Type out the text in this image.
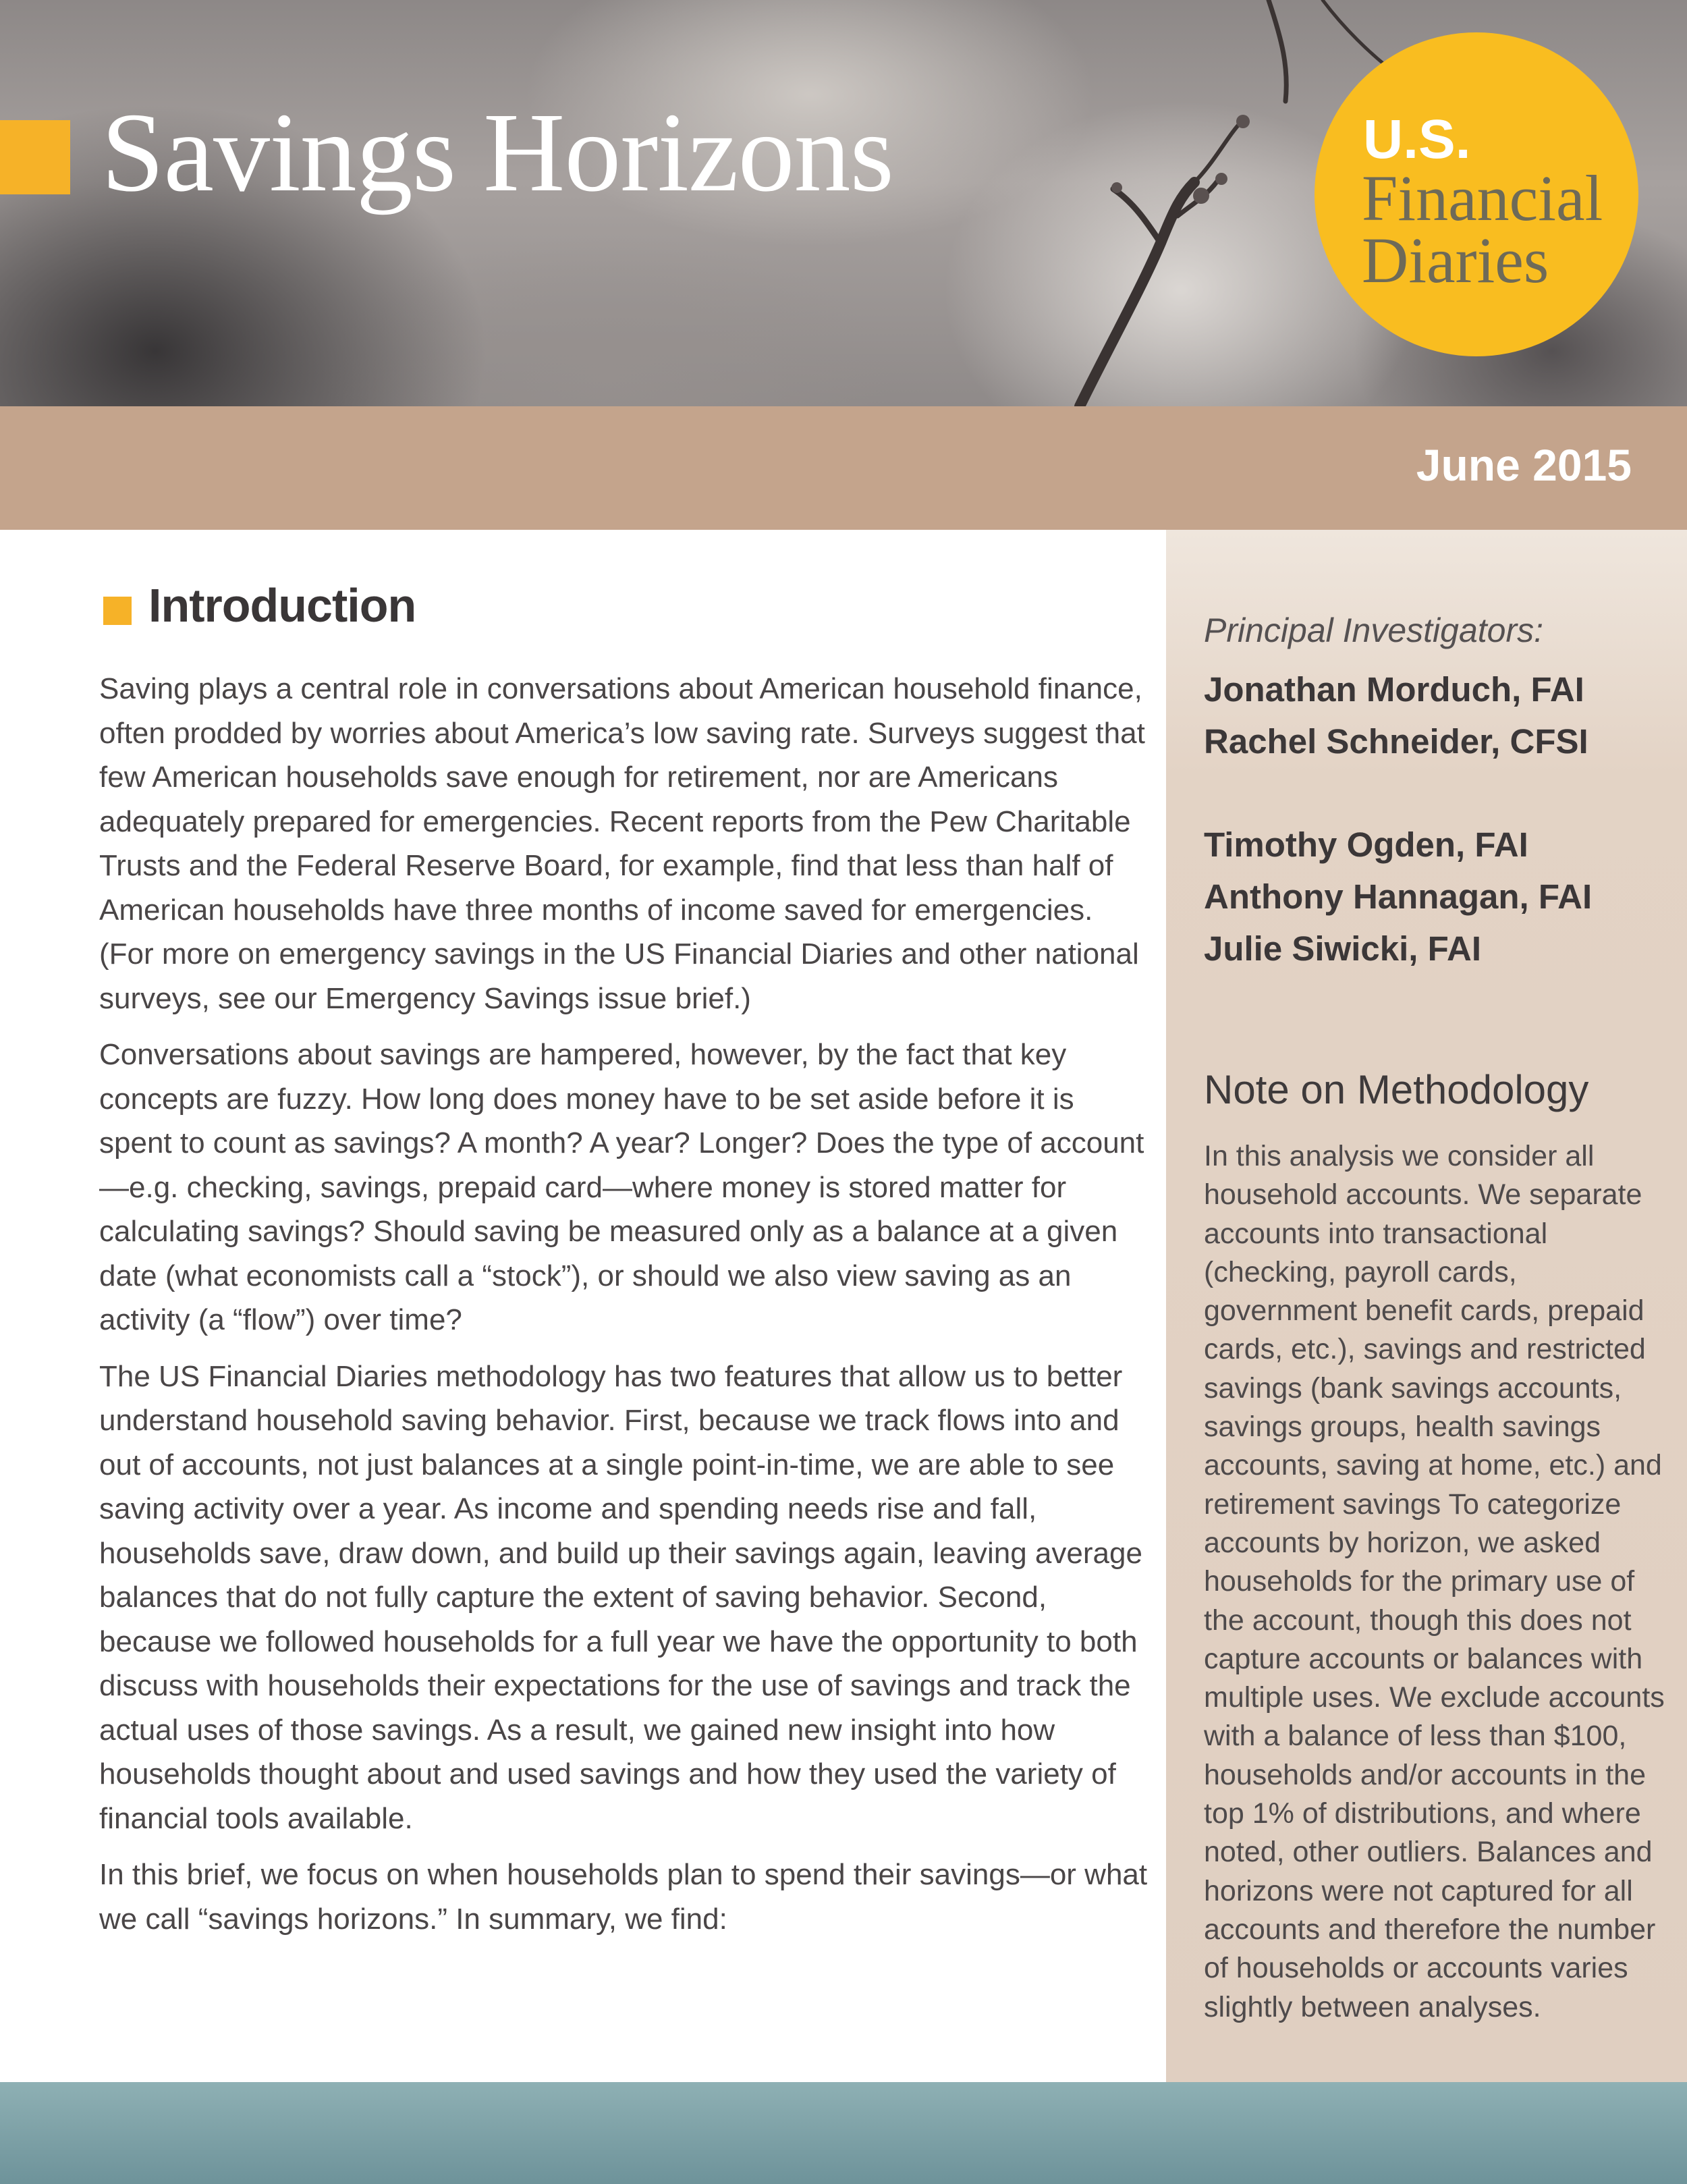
Savings Horizons	U.S.
Financial
Diaries
June 2015

Principal Investigators:

Jonathan Morduch, FAI
Rachel Schneider, CFSI
Timothy Ogden, FAI
Anthony Hannagan, FAI
Julie Siwicki, FAI
Note on Methodology

In this analysis we consider all household accounts. We separate accounts into transactional (checking, payroll cards, government benefit cards, prepaid cards, etc.), savings and restricted savings (bank savings accounts, savings groups, health savings accounts, saving at home, etc.) and retirement savings To categorize accounts by horizon, we asked households for the primary use of the account, though this does not capture accounts or balances with multiple uses. We exclude accounts with a balance of less than $100, households and/or accounts in the top 1% of distributions, and where noted, other outliers. Balances and horizons were not captured for all accounts and therefore the number of households or accounts varies slightly between analyses.

Introduction

Saving plays a central role in conversations about American household finance, often prodded by worries about America’s low saving rate. Surveys suggest that few American households save enough for retirement, nor are Americans adequately prepared for emergencies. Recent reports from the Pew Charitable Trusts and the Federal Reserve Board, for example, find that less than half of American households have three months of income saved for emergencies. (For more on emergency savings in the US Financial Diaries and other national surveys, see our Emergency Savings issue brief.)

Conversations about savings are hampered, however, by the fact that key concepts are fuzzy. How long does money have to be set aside before it is spent to count as savings? A month? A year? Longer? Does the type of account—e.g. checking, savings, prepaid card—where money is stored matter for calculating savings? Should saving be measured only as a balance at a given date (what economists call a “stock”), or should we also view saving as an activity (a “flow”) over time?

The US Financial Diaries methodology has two features that allow us to better understand household saving behavior. First, because we track flows into and out of accounts, not just balances at a single point-in-time, we are able to see saving activity over a year. As income and spending needs rise and fall, households save, draw down, and build up their savings again, leaving average balances that do not fully capture the extent of saving behavior. Second, because we followed households for a full year we have the opportunity to both discuss with households their expectations for the use of savings and track the actual uses of those savings. As a result, we gained new insight into how households thought about and used savings and how they used the variety of financial tools available.

In this brief, we focus on when households plan to spend their savings—or what we call “savings horizons.” In summary, we find:
